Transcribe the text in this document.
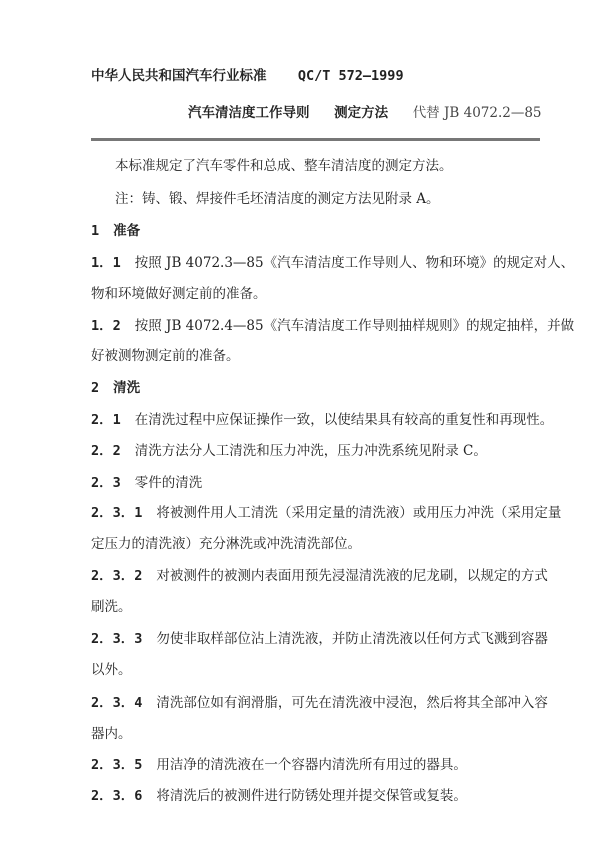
中华人民共和国汽车行业标准 QC/T 572—1999
汽车清洁度工作导则 测定方法 代替 JB 4072.2—85
本标准规定了汽车零件和总成、整车清洁度的测定方法。
注：铸、锻、焊接件毛坯清洁度的测定方法见附录 A。
1 准备
1．1 按照 JB 4072.3—85《汽车清洁度工作导则人、物和环境》的规定对人、
物和环境做好测定前的准备。
1．2 按照 JB 4072.4—85《汽车清洁度工作导则抽样规则》的规定抽样，并做
好被测物测定前的准备。
2 清洗
2．1 在清洗过程中应保证操作一致，以使结果具有较高的重复性和再现性。
2．2 清洗方法分人工清洗和压力冲洗，压力冲洗系统见附录 C。
2．3 零件的清洗
2．3．1 将被测件用人工清洗（采用定量的清洗液）或用压力冲洗（采用定量
定压力的清洗液）充分淋洗或冲洗清洗部位。
2．3．2 对被测件的被测内表面用预先浸湿清洗液的尼龙刷，以规定的方式
刷洗。
2．3．3 勿使非取样部位沾上清洗液，并防止清洗液以任何方式飞溅到容器
以外。
2．3．4 清洗部位如有润滑脂，可先在清洗液中浸泡，然后将其全部冲入容
器内。
2．3．5 用洁净的清洗液在一个容器内清洗所有用过的器具。
2．3．6 将清洗后的被测件进行防锈处理并提交保管或复装。
